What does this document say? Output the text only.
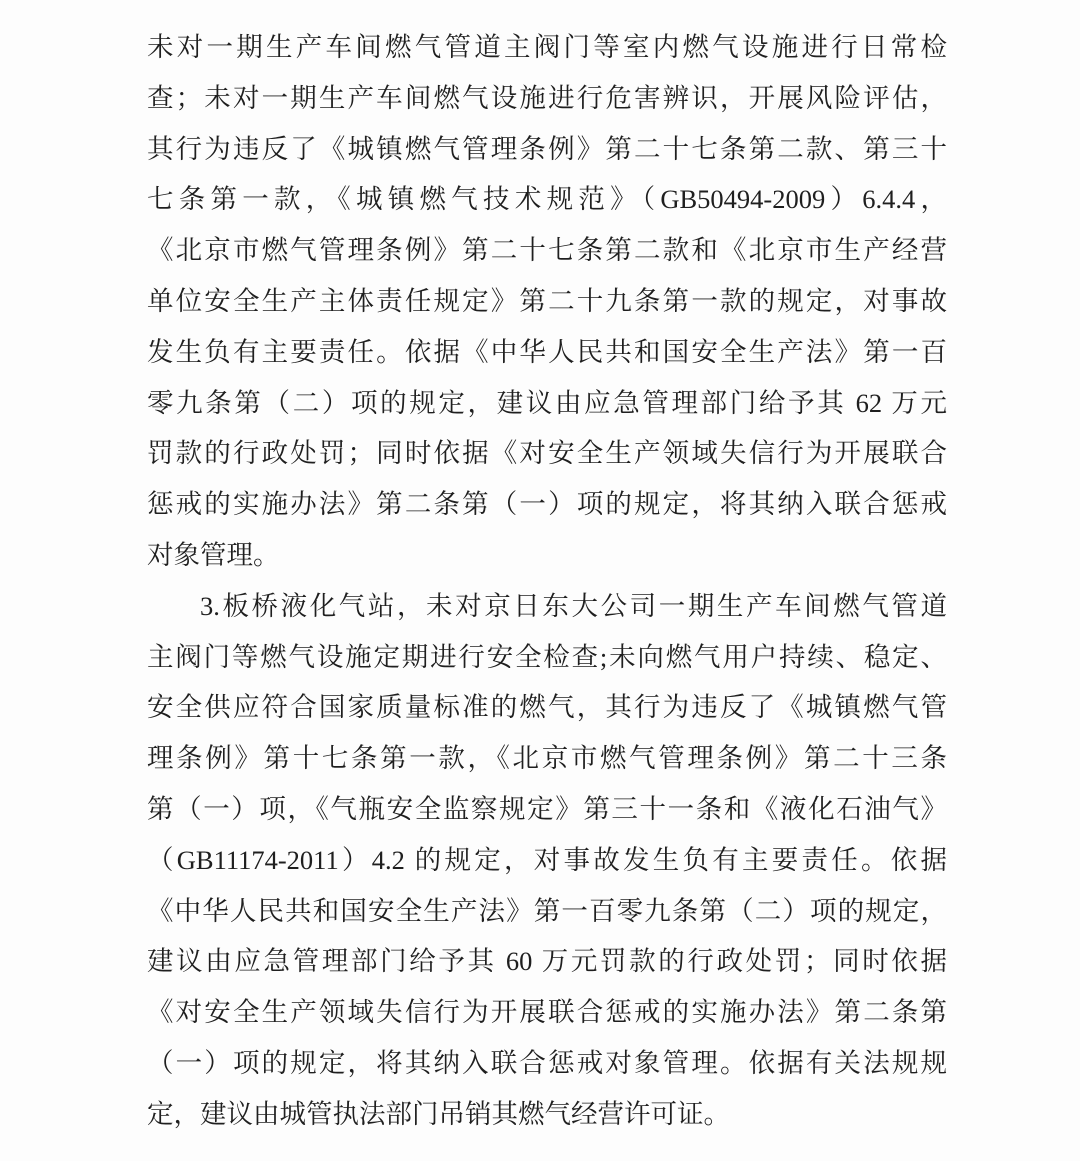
未对一期生产车间燃气管道主阀门等室内燃气设施进行日常检
查；未对一期生产车间燃气设施进行危害辨识，开展风险评估，
其行为违反了《城镇燃气管理条例》第二十七条第二款、第三十
七条第一款，《城镇燃气技术规范》（GB50494-2009）6.4.4，
《北京市燃气管理条例》第二十七条第二款和《北京市生产经营
单位安全生产主体责任规定》第二十九条第一款的规定，对事故
发生负有主要责任。依据《中华人民共和国安全生产法》第一百
零九条第（二）项的规定，建议由应急管理部门给予其 62 万元
罚款的行政处罚；同时依据《对安全生产领域失信行为开展联合
惩戒的实施办法》第二条第（一）项的规定，将其纳入联合惩戒
对象管理。
3.板桥液化气站，未对京日东大公司一期生产车间燃气管道
主阀门等燃气设施定期进行安全检查;未向燃气用户持续、稳定、
安全供应符合国家质量标准的燃气，其行为违反了《城镇燃气管
理条例》第十七条第一款，《北京市燃气管理条例》第二十三条
第（一）项，《气瓶安全监察规定》第三十一条和《液化石油气》
（GB11174-2011）4.2 的规定，对事故发生负有主要责任。依据
《中华人民共和国安全生产法》第一百零九条第（二）项的规定，
建议由应急管理部门给予其 60 万元罚款的行政处罚；同时依据
《对安全生产领域失信行为开展联合惩戒的实施办法》第二条第
（一）项的规定，将其纳入联合惩戒对象管理。依据有关法规规
定，建议由城管执法部门吊销其燃气经营许可证。
